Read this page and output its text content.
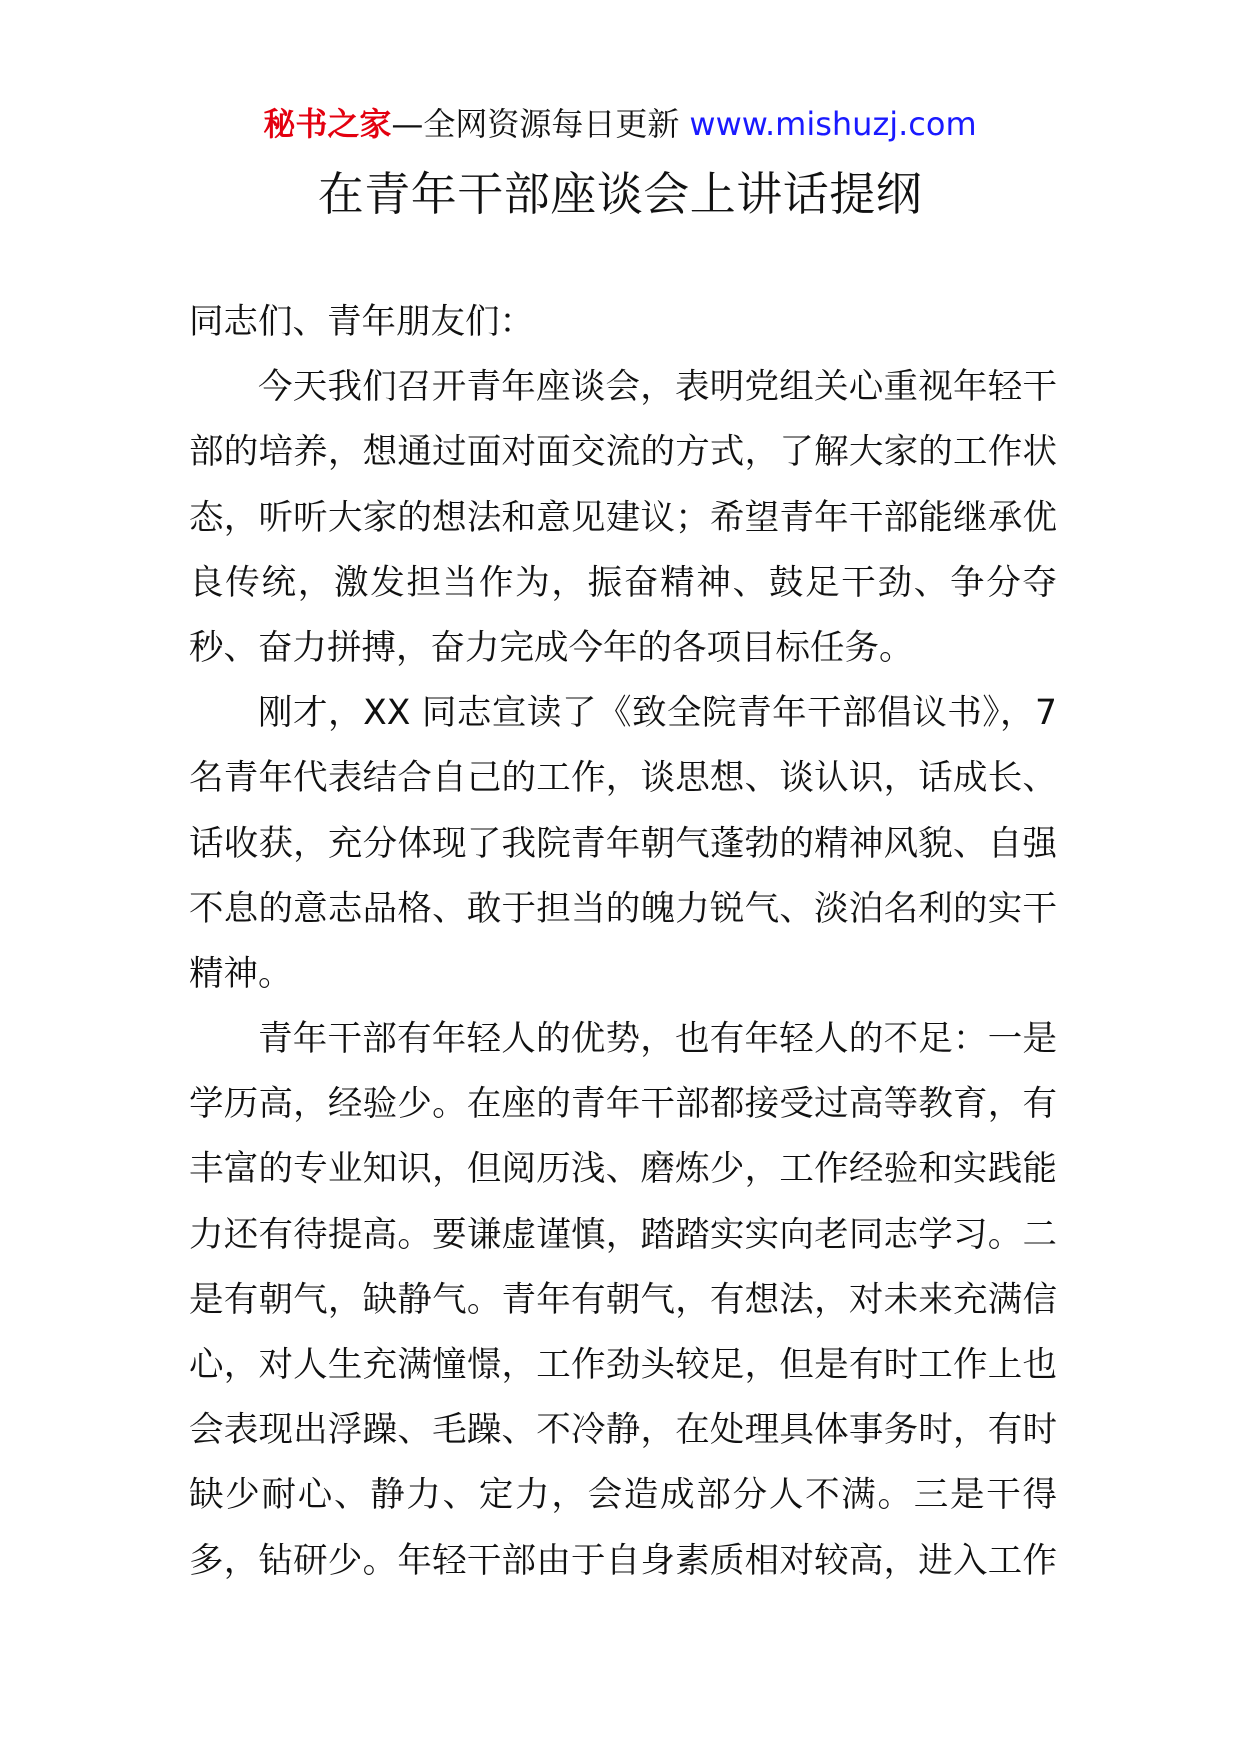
秘书之家—全网资源每日更新 www.mishuzj.com
在青年干部座谈会上讲话提纲
同志们、青年朋友们：
今天我们召开青年座谈会，表明党组关心重视年轻干
部的培养，想通过面对面交流的方式，了解大家的工作状
态，听听大家的想法和意见建议；希望青年干部能继承优
良传统，激发担当作为，振奋精神、鼓足干劲、争分夺
秒、奋力拼搏，奋力完成今年的各项目标任务。
刚才，XX 同志宣读了《致全院青年干部倡议书》，7
名青年代表结合自己的工作，谈思想、谈认识，话成长、
话收获，充分体现了我院青年朝气蓬勃的精神风貌、自强
不息的意志品格、敢于担当的魄力锐气、淡泊名利的实干
精神。
青年干部有年轻人的优势，也有年轻人的不足：一是
学历高，经验少。在座的青年干部都接受过高等教育，有
丰富的专业知识，但阅历浅、磨炼少，工作经验和实践能
力还有待提高。要谦虚谨慎，踏踏实实向老同志学习。二
是有朝气，缺静气。青年有朝气，有想法，对未来充满信
心，对人生充满憧憬，工作劲头较足，但是有时工作上也
会表现出浮躁、毛躁、不冷静，在处理具体事务时，有时
缺少耐心、静力、定力，会造成部分人不满。三是干得
多，钻研少。年轻干部由于自身素质相对较高，进入工作
